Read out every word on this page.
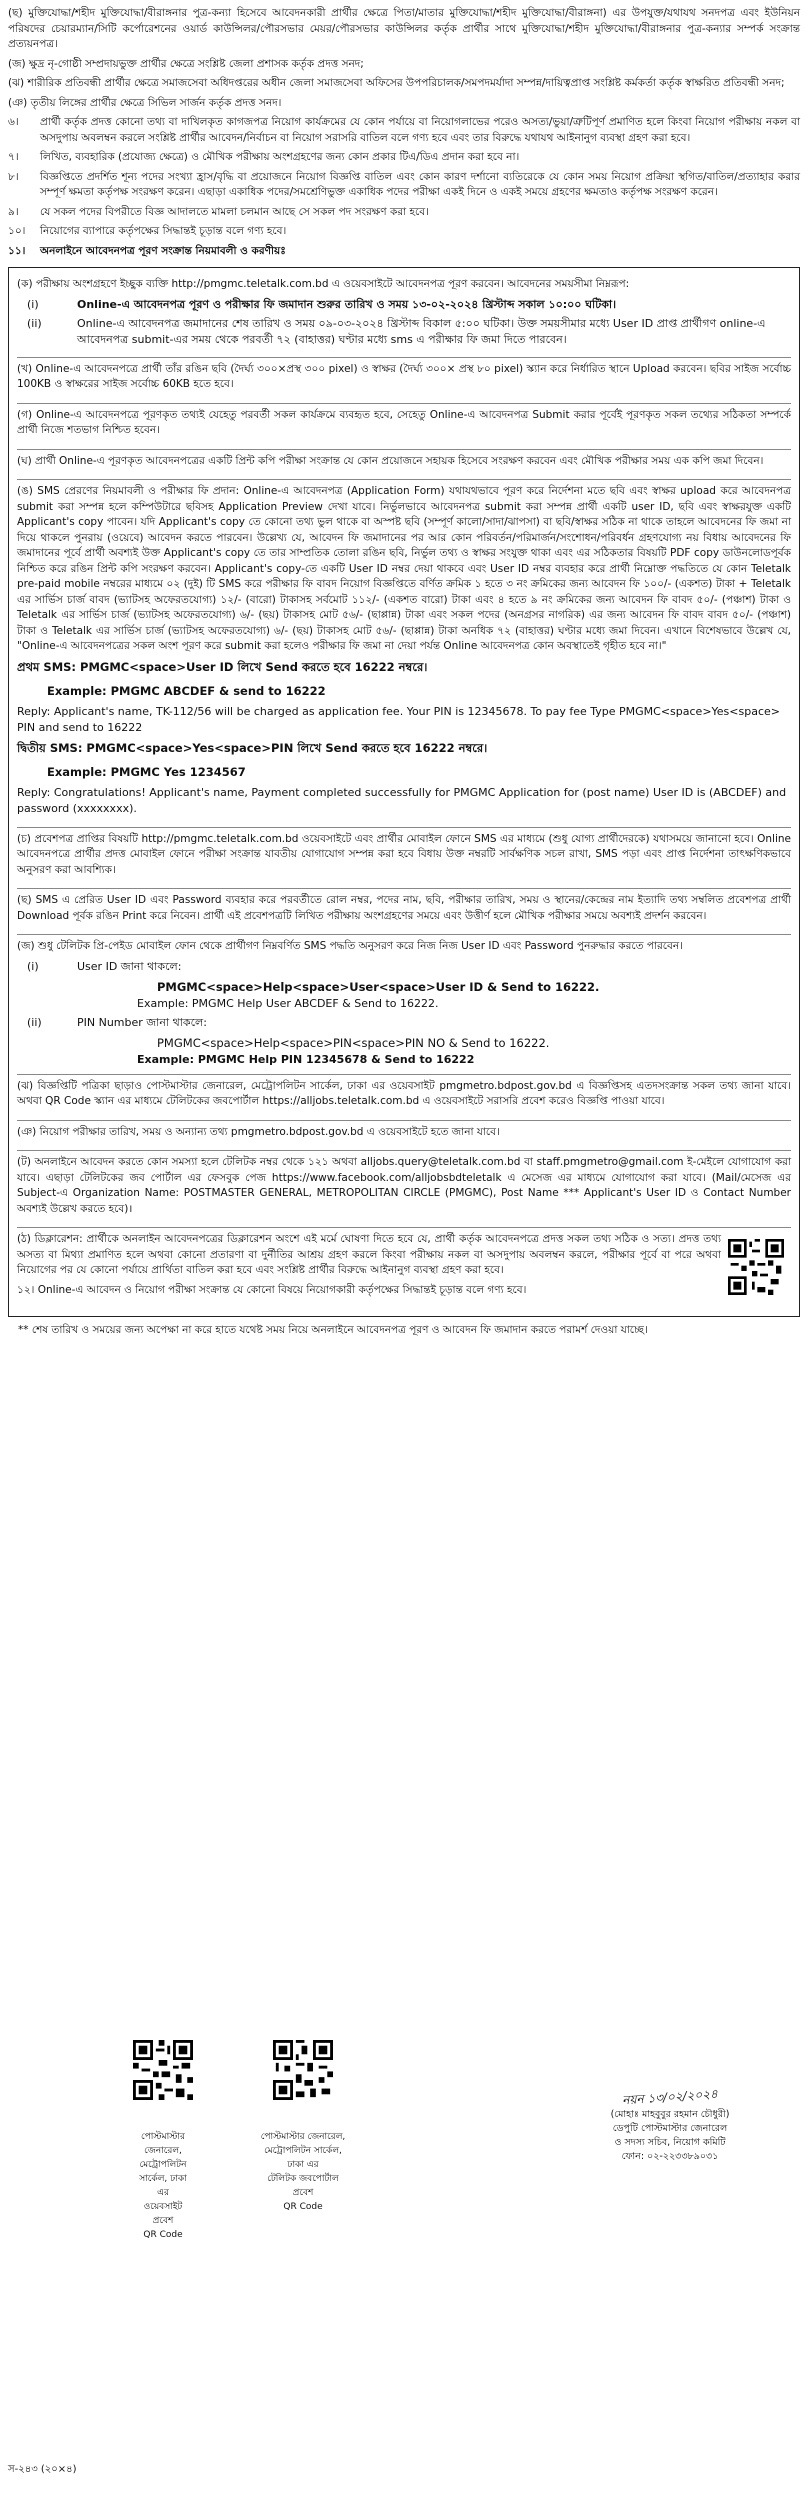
(ছ) মুক্তিযোদ্ধা/শহীদ মুক্তিযোদ্ধা/বীরাঙ্গনার পুত্র-কন্যা হিসেবে আবেদনকারী প্রার্থীর ক্ষেত্রে পিতা/মাতার মুক্তিযোদ্ধা/শহীদ মুক্তিযোদ্ধা/বীরাঙ্গনা) এর উপযুক্ত/যথাযথ সনদপত্র এবং ইউনিয়ন পরিষদের চেয়ারম্যান/সিটি কর্পোরেশনের ওয়ার্ড কাউন্সিলর/পৌরসভার মেয়র/পৌরসভার কাউন্সিলর কর্তৃক প্রার্থীর সাথে মুক্তিযোদ্ধা/শহীদ মুক্তিযোদ্ধা/বীরাঙ্গনার পুত্র-কন্যার সম্পর্ক সংক্রান্ত প্রত্যয়নপত্র।

(জ) ক্ষুদ্র নৃ-গোষ্ঠী সম্প্রদায়ভুক্ত প্রার্থীর ক্ষেত্রে সংশ্লিষ্ট জেলা প্রশাসক কর্তৃক প্রদত্ত সনদ;

(ঝ) শারীরিক প্রতিবন্ধী প্রার্থীর ক্ষেত্রে সমাজসেবা অধিদপ্তরের অধীন জেলা সমাজসেবা অফিসের উপপরিচালক/সমপদমর্যাদা সম্পন্ন/দায়িত্বপ্রাপ্ত সংশ্লিষ্ট কর্মকর্তা কর্তৃক স্বাক্ষরিত প্রতিবন্ধী সনদ;

(ঞ) তৃতীয় লিঙ্গের প্রার্থীর ক্ষেত্রে সিভিল সার্জন কর্তৃক প্রদত্ত সনদ।

৬।	প্রার্থী কর্তৃক প্রদত্ত কোনো তথ্য বা দাখিলকৃত কাগজপত্র নিয়োগ কার্যক্রমের যে কোন পর্যায়ে বা নিয়োগলাভের পরেও অসত্য/ভুয়া/ত্রুটিপূর্ণ প্রমাণিত হলে কিংবা নিয়োগ পরীক্ষায় নকল বা অসদুপায় অবলম্বন করলে সংশ্লিষ্ট প্রার্থীর আবেদন/নির্বাচন বা নিয়োগ সরাসরি বাতিল বলে গণ্য হবে এবং তার বিরুদ্ধে যথাযথ আইনানুগ ব্যবস্থা গ্রহণ করা হবে।
৭।	লিখিত, ব্যবহারিক (প্রযোজ্য ক্ষেত্রে) ও মৌখিক পরীক্ষায় অংশগ্রহণের জন্য কোন প্রকার টিএ/ডিএ প্রদান করা হবে না।
৮।	বিজ্ঞপ্তিতে প্রদর্শিত শূন্য পদের সংখ্যা হ্রাস/বৃদ্ধি বা প্রয়োজনে নিয়োগ বিজ্ঞপ্তি বাতিল এবং কোন কারণ দর্শানো ব্যতিরেকে যে কোন সময় নিয়োগ প্রক্রিয়া স্থগিত/বাতিল/প্রত্যাহার করার সম্পূর্ণ ক্ষমতা কর্তৃপক্ষ সংরক্ষণ করেন। এছাড়া একাধিক পদের/সমশ্রেণিভুক্ত একাধিক পদের পরীক্ষা একই দিনে ও একই সময়ে গ্রহণের ক্ষমতাও কর্তৃপক্ষ সংরক্ষণ করেন।
৯।	যে সকল পদের বিপরীতে বিজ্ঞ আদালতে মামলা চলমান আছে সে সকল পদ সংরক্ষণ করা হবে।
১০।	নিয়োগের ব্যাপারে কর্তৃপক্ষের সিদ্ধান্তই চূড়ান্ত বলে গণ্য হবে।
১১।	অনলাইনে আবেদনপত্র পূরণ সংক্রান্ত নিয়মাবলী ও করণীয়ঃ

(ক) পরীক্ষায় অংশগ্রহণে ইচ্ছুক ব্যক্তি http://pmgmc.teletalk.com.bd এ ওয়েবসাইটে আবেদনপত্র পূরণ করবেন। আবেদনের সময়সীমা নিম্নরূপ:

(i)	Online-এ আবেদনপত্র পূরণ ও পরীক্ষার ফি জমাদান শুরুর তারিখ ও সময় ১৩-০২-২০২৪ খ্রিস্টাব্দ সকাল ১০:০০ ঘটিকা।
(ii)	Online-এ আবেদনপত্র জমাদানের শেষ তারিখ ও সময় ০৯-০৩-২০২৪ খ্রিস্টাব্দ বিকাল ৫:০০ ঘটিকা। উক্ত সময়সীমার মধ্যে User ID প্রাপ্ত প্রার্থীগণ online-এ আবেদনপত্র submit-এর সময় থেকে পরবর্তী ৭২ (বাহাত্তর) ঘণ্টার মধ্যে sms এ পরীক্ষার ফি জমা দিতে পারবেন।

(খ) Online-এ আবেদনপত্রে প্রার্থী তাঁর রঙিন ছবি (দৈর্ঘ্য ৩০০×প্রস্থ ৩০০ pixel) ও স্বাক্ষর (দৈর্ঘ্য ৩০০× প্রস্থ ৮০ pixel) স্ক্যান করে নির্ধারিত স্থানে Upload করবেন। ছবির সাইজ সর্বোচ্চ 100KB ও স্বাক্ষরের সাইজ সর্বোচ্চ 60KB হতে হবে।

(গ) Online-এ আবেদনপত্রে পূরণকৃত তথ্যই যেহেতু পরবর্তী সকল কার্যক্রমে ব্যবহৃত হবে, সেহেতু Online-এ আবেদনপত্র Submit করার পূর্বেই পূরণকৃত সকল তথ্যের সঠিকতা সম্পর্কে প্রার্থী নিজে শতভাগ নিশ্চিত হবেন।

(ঘ) প্রার্থী Online-এ পূরণকৃত আবেদনপত্রের একটি প্রিন্ট কপি পরীক্ষা সংক্রান্ত যে কোন প্রয়োজনে সহায়ক হিসেবে সংরক্ষণ করবেন এবং মৌখিক পরীক্ষার সময় এক কপি জমা দিবেন।

(ঙ) SMS প্রেরণের নিয়মাবলী ও পরীক্ষার ফি প্রদান: Online-এ আবেদনপত্র (Application Form) যথাযথভাবে পূরণ করে নির্দেশনা মতে ছবি এবং স্বাক্ষর upload করে আবেদনপত্র submit করা সম্পন্ন হলে কম্পিউটারে ছবিসহ Application Preview দেখা যাবে। নির্ভুলভাবে আবেদনপত্র submit করা সম্পন্ন প্রার্থী একটি user ID, ছবি এবং স্বাক্ষরযুক্ত একটি Applicant's copy পাবেন। যদি Applicant's copy তে কোনো তথ্য ভুল থাকে বা অস্পষ্ট ছবি (সম্পূর্ণ কালো/সাদা/ঝাপসা) বা ছবি/স্বাক্ষর সঠিক না থাকে তাহলে আবেদনের ফি জমা না দিয়ে থাকলে পুনরায় (ওয়েবে) আবেদন করতে পারবেন। উল্লেখ্য যে, আবেদন ফি জমাদানের পর আর কোন পরিবর্তন/পরিমার্জন/সংশোধন/পরিবর্ধন গ্রহণযোগ্য নয় বিধায় আবেদনের ফি জমাদানের পূর্বে প্রার্থী অবশ্যই উক্ত Applicant's copy তে তার সাম্প্রতিক তোলা রঙিন ছবি, নির্ভুল তথ্য ও স্বাক্ষর সংযুক্ত থাকা এবং এর সঠিকতার বিষয়টি PDF copy ডাউনলোডপূর্বক নিশ্চিত করে রঙিন প্রিন্ট কপি সংরক্ষণ করবেন। Applicant's copy-তে একটি User ID নম্বর দেয়া থাকবে এবং User ID নম্বর ব্যবহার করে প্রার্থী নিম্নোক্ত পদ্ধতিতে যে কোন Teletalk pre-paid mobile নম্বরের মাধ্যমে ০২ (দুই) টি SMS করে পরীক্ষার ফি বাবদ নিয়োগ বিজ্ঞপ্তিতে বর্ণিত ক্রমিক ১ হতে ৩ নং ক্রমিকের জন্য আবেদন ফি ১০০/- (একশত) টাকা + Teletalk এর সার্ভিস চার্জ বাবদ (ভ্যাটসহ অফেরতযোগ্য) ১২/- (বারো) টাকাসহ সর্বমোট ১১২/- (একশত বারো) টাকা এবং ৪ হতে ৯ নং ক্রমিকের জন্য আবেদন ফি বাবদ ৫০/- (পঞ্চাশ) টাকা ও Teletalk এর সার্ভিস চার্জ (ভ্যাটসহ অফেরতযোগ্য) ৬/- (ছয়) টাকাসহ মোট ৫৬/- (ছাপ্পান্ন) টাকা এবং সকল পদের (অনগ্রসর নাগরিক) এর জন্য আবেদন ফি বাবদ বাবদ ৫০/- (পঞ্চাশ) টাকা ও Teletalk এর সার্ভিস চার্জ (ভ্যাটসহ অফেরতযোগ্য) ৬/- (ছয়) টাকাসহ মোট ৫৬/- (ছাপ্পান্ন) টাকা অনধিক ৭২ (বাহাত্তর) ঘণ্টার মধ্যে জমা দিবেন। এখানে বিশেষভাবে উল্লেখ যে, "Online-এ আবেদনপত্রের সকল অংশ পূরণ করে submit করা হলেও পরীক্ষার ফি জমা না দেয়া পর্যন্ত Online আবেদনপত্র কোন অবস্থাতেই গৃহীত হবে না।"

প্রথম SMS: PMGMC<space>User ID লিখে Send করতে হবে 16222 নম্বরে।

Example: PMGMC ABCDEF & send to 16222

Reply: Applicant's name, TK-112/56 will be charged as application fee. Your PIN is 12345678. To pay fee Type PMGMC<space>Yes<space> PIN and send to 16222

দ্বিতীয় SMS: PMGMC<space>Yes<space>PIN লিখে Send করতে হবে 16222 নম্বরে।

Example: PMGMC Yes 1234567

Reply: Congratulations! Applicant's name, Payment completed successfully for PMGMC Application for (post name) User ID is (ABCDEF) and password (xxxxxxxx).

(চ) প্রবেশপত্র প্রাপ্তির বিষয়টি http://pmgmc.teletalk.com.bd ওয়েবসাইটে এবং প্রার্থীর মোবাইল ফোনে SMS এর মাধ্যমে (শুধু যোগ্য প্রার্থীদেরকে) যথাসময়ে জানানো হবে। Online আবেদনপত্রে প্রার্থীর প্রদত্ত মোবাইল ফোনে পরীক্ষা সংক্রান্ত যাবতীয় যোগাযোগ সম্পন্ন করা হবে বিধায় উক্ত নম্বরটি সার্বক্ষণিক সচল রাখা, SMS পড়া এবং প্রাপ্ত নির্দেশনা তাৎক্ষণিকভাবে অনুসরণ করা আবশ্যিক।

(ছ) SMS এ প্রেরিত User ID এবং Password ব্যবহার করে পরবর্তীতে রোল নম্বর, পদের নাম, ছবি, পরীক্ষার তারিখ, সময় ও স্থানের/কেন্দ্রের নাম ইত্যাদি তথ্য সম্বলিত প্রবেশপত্র প্রার্থী Download পূর্বক রঙিন Print করে নিবেন। প্রার্থী এই প্রবেশপত্রটি লিখিত পরীক্ষায় অংশগ্রহণের সময়ে এবং উত্তীর্ণ হলে মৌখিক পরীক্ষার সময়ে অবশ্যই প্রদর্শন করবেন।

(জ) শুধু টেলিটক প্রি-পেইড মোবাইল ফোন থেকে প্রার্থীগণ নিম্নবর্ণিত SMS পদ্ধতি অনুসরণ করে নিজ নিজ User ID এবং Password পুনরুদ্ধার করতে পারবেন।

(i)	User ID জানা থাকলে:
PMGMC<space>Help<space>User<space>User ID & Send to 16222.
Example: PMGMC Help User ABCDEF & Send to 16222.
(ii)	PIN Number জানা থাকলে:
PMGMC<space>Help<space>PIN<space>PIN NO & Send to 16222.
Example: PMGMC Help PIN 12345678 & Send to 16222

(ঝ) বিজ্ঞপ্তিটি পত্রিকা ছাড়াও পোস্টমাস্টার জেনারেল, মেট্রোপলিটন সার্কেল, ঢাকা এর ওয়েবসাইট pmgmetro.bdpost.gov.bd এ বিজ্ঞপ্তিসহ এতদসংক্রান্ত সকল তথ্য জানা যাবে। অথবা QR Code স্ক্যান এর মাধ্যমে টেলিটকের জবপোর্টাল https://alljobs.teletalk.com.bd এ ওয়েবসাইটে সরাসরি প্রবেশ করেও বিজ্ঞপ্তি পাওয়া যাবে।

(ঞ) নিয়োগ পরীক্ষার তারিখ, সময় ও অন্যান্য তথ্য pmgmetro.bdpost.gov.bd এ ওয়েবসাইটে হতে জানা যাবে।

(ট) অনলাইনে আবেদন করতে কোন সমস্যা হলে টেলিটক নম্বর থেকে ১২১ অথবা alljobs.query@teletalk.com.bd বা staff.pmgmetro@gmail.com ই-মেইলে যোগাযোগ করা যাবে। এছাড়া টেলিটকের জব পোর্টাল এর ফেসবুক পেজ https://www.facebook.com/alljobsbdteletalk এ মেসেজ এর মাধ্যমে যোগাযোগ করা যাবে। (Mail/মেসেজ এর Subject-এ Organization Name: POSTMASTER GENERAL, METROPOLITAN CIRCLE (PMGMC), Post Name *** Applicant's User ID ও Contact Number অবশ্যই উল্লেখ করতে হবে)।

(ঠ) ডিক্লারেশন: প্রার্থীকে অনলাইন আবেদনপত্রের ডিক্লারেশন অংশে এই মর্মে ঘোষণা দিতে হবে যে, প্রার্থী কর্তৃক আবেদনপত্রে প্রদত্ত সকল তথ্য সঠিক ও সত্য। প্রদত্ত তথ্য অসত্য বা মিথ্যা প্রমাণিত হলে অথবা কোনো প্রতারণা বা দুর্নীতির আশ্রয় গ্রহণ করলে কিংবা পরীক্ষায় নকল বা অসদুপায় অবলম্বন করলে, পরীক্ষার পূর্বে বা পরে অথবা নিয়োগের পর যে কোনো পর্যায়ে প্রার্থিতা বাতিল করা হবে এবং সংশ্লিষ্ট প্রার্থীর বিরুদ্ধে আইনানুগ ব্যবস্থা গ্রহণ করা হবে।

১২। Online-এ আবেদন ও নিয়োগ পরীক্ষা সংক্রান্ত যে কোনো বিষয়ে নিয়োগকারী কর্তৃপক্ষের সিদ্ধান্তই চূড়ান্ত বলে গণ্য হবে।

** শেষ তারিখ ও সময়ের জন্য অপেক্ষা না করে হাতে যথেষ্ট সময় নিয়ে অনলাইনে আবেদনপত্র পূরণ ও আবেদন ফি জমাদান করতে পরামর্শ দেওয়া যাচ্ছে।

পোস্টমাস্টার
জেনারেল,
মেট্রোপলিটন
সার্কেল, ঢাকা
এর
ওয়েবসাইট
প্রবেশ
QR Code
পোস্টমাস্টার জেনারেল,
মেট্রোপলিটন সার্কেল,
ঢাকা এর
টেলিটক জবপোর্টাল
প্রবেশ
QR Code
নয়ন ১৩/০২/২০২৪
(মোহাঃ মাহবুবুর রহমান চৌধুরী)
ডেপুটি পোস্টমাস্টার জেনারেল
ও সদস্য সচিব, নিয়োগ কমিটি
ফোন: ০২-২২৩৩৮৯০৩১
স-২৪৩ (২০×৪)
